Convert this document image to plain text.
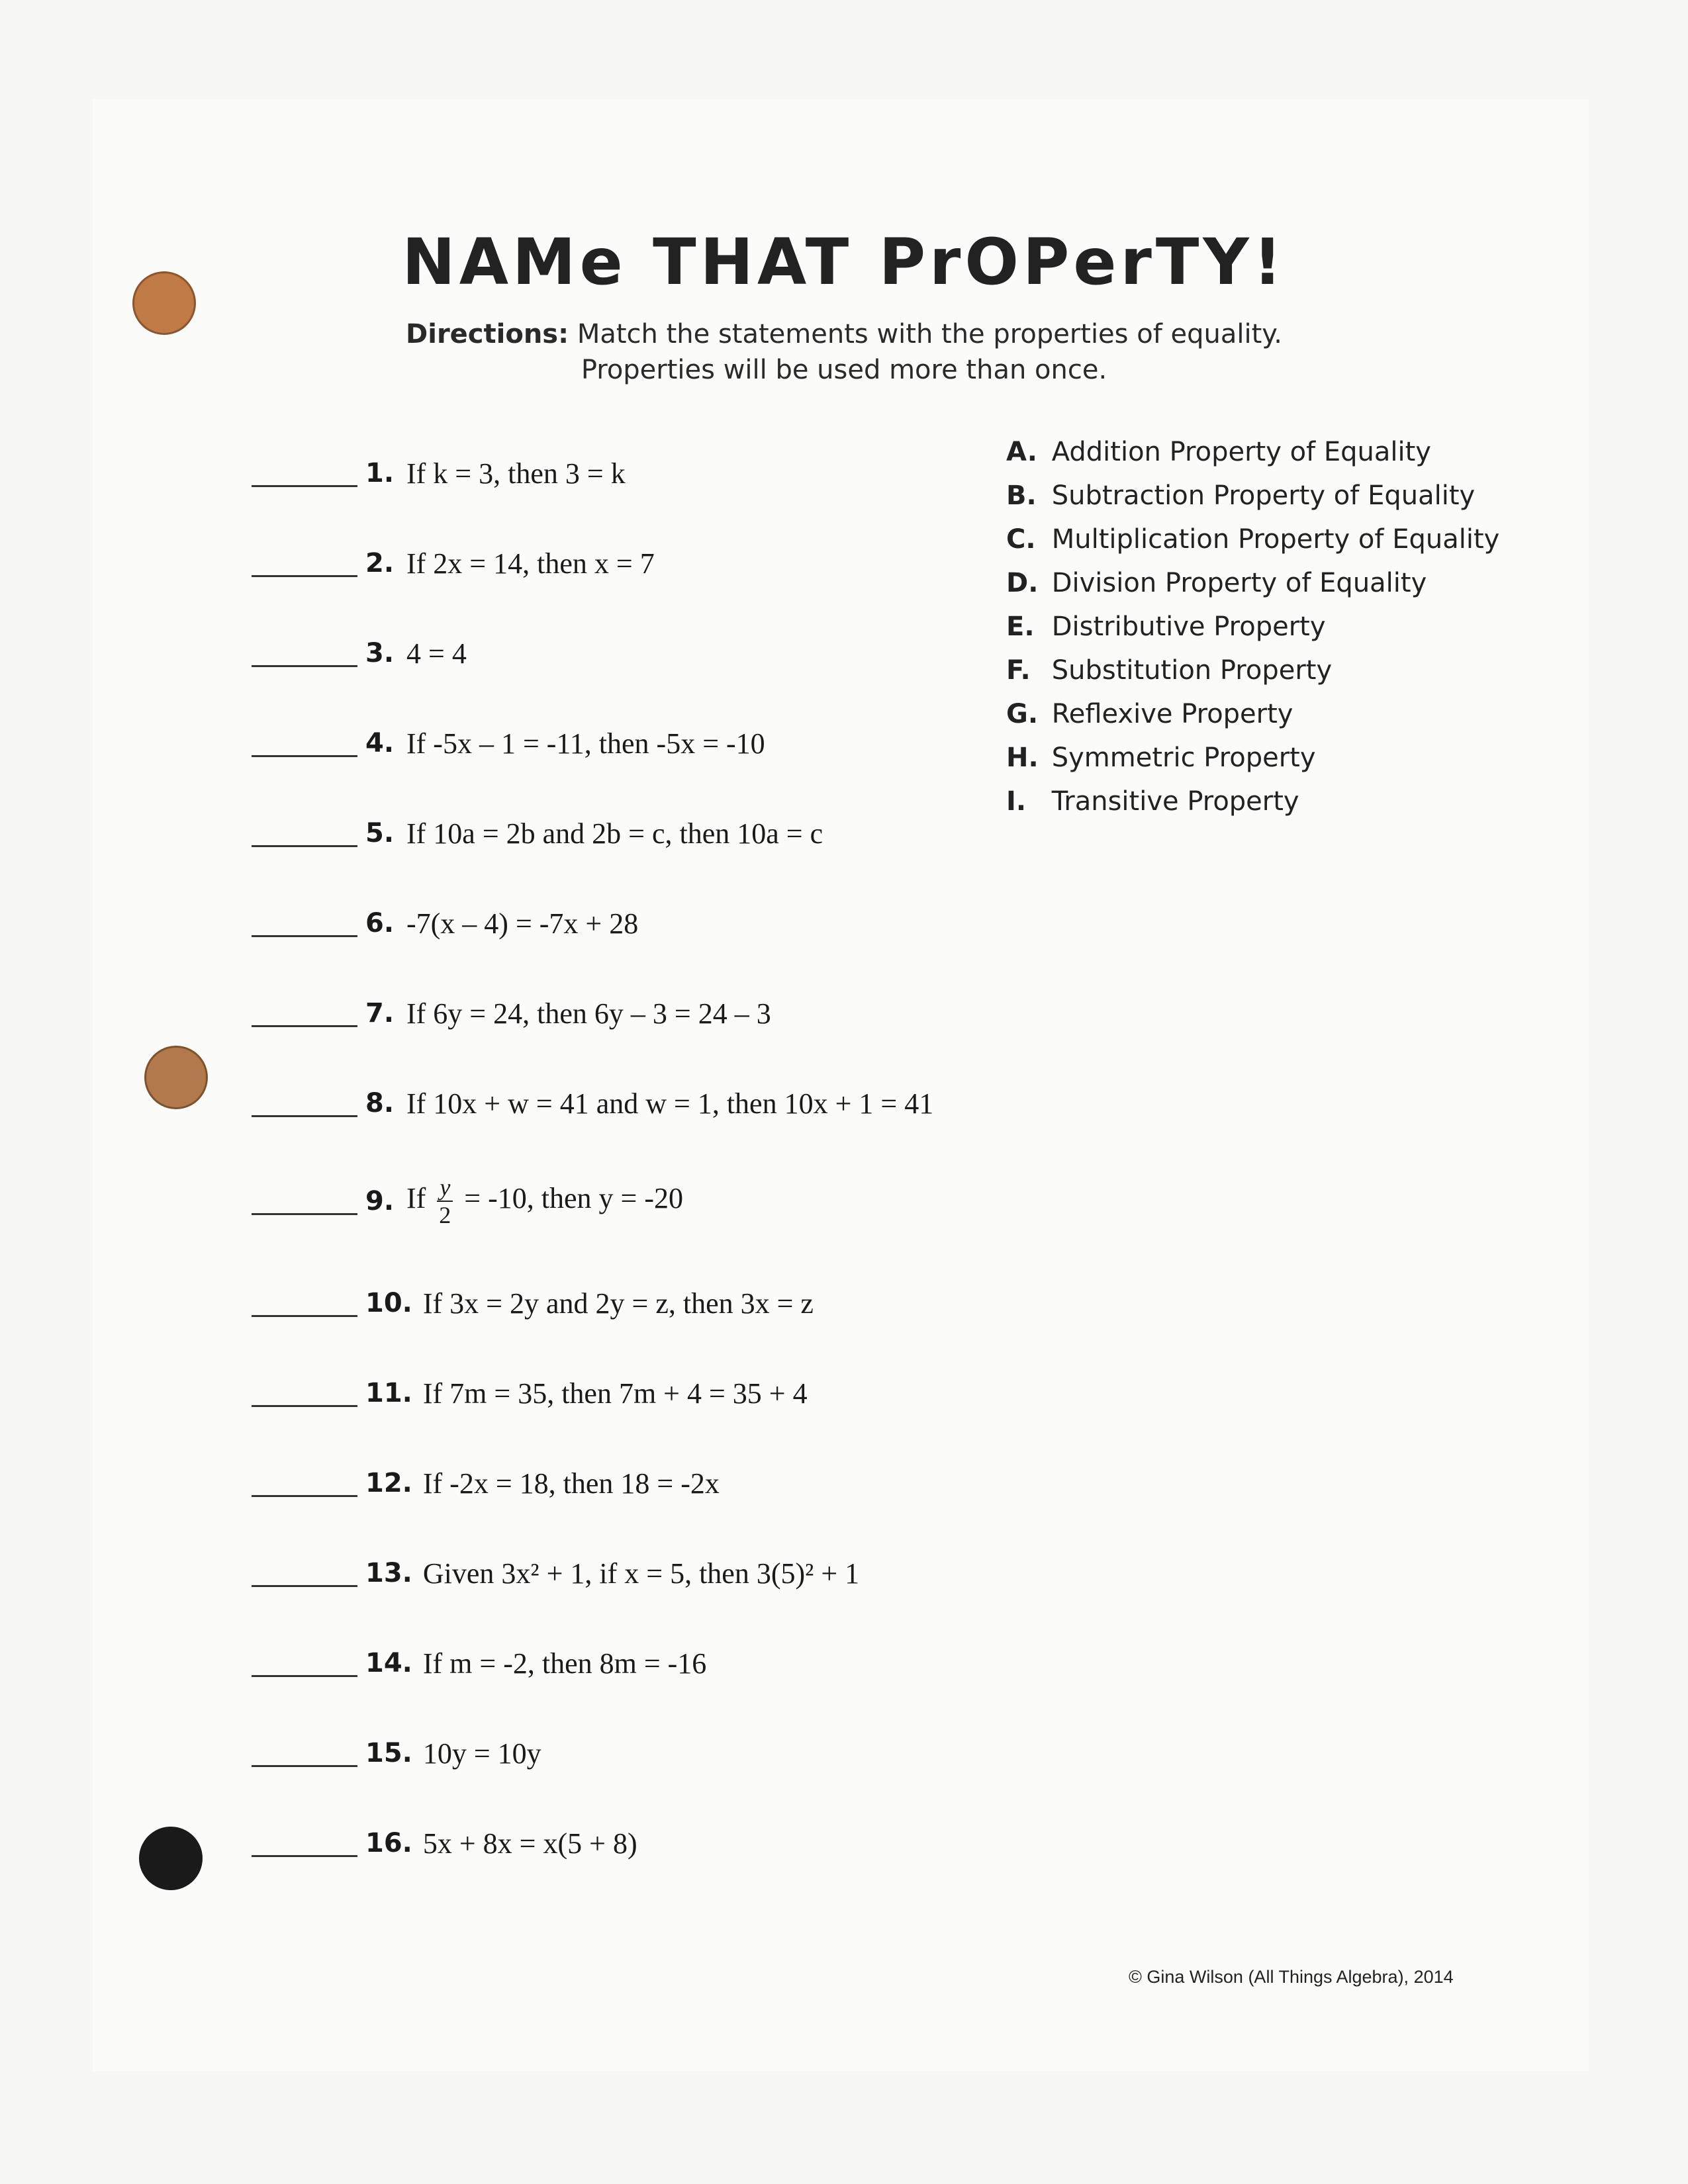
NAMe THAT PrOPerTY!
Directions: Match the statements with the properties of equality.
Properties will be used more than once.
1. If k = 3, then 3 = k
2. If 2x = 14, then x = 7
3. 4 = 4
4. If -5x – 1 = -11, then -5x = -10
5. If 10a = 2b and 2b = c, then 10a = c
6. -7(x – 4) = -7x + 28
7. If 6y = 24, then 6y – 3 = 24 – 3
8. If 10x + w = 41 and w = 1, then 10x + 1 = 41
9. If $\frac{y}{2} = -10$, then y = -20
10. If 3x = 2y and 2y = z, then 3x = z
11. If 7m = 35, then 7m + 4 = 35 + 4
12. If -2x = 18, then 18 = -2x
13. Given 3x² + 1, if x = 5, then 3(5)² + 1
14. If m = -2, then 8m = -16
15. 10y = 10y
16. 5x + 8x = x(5 + 8)
A. Addition Property of Equality
B. Subtraction Property of Equality
C. Multiplication Property of Equality
D. Division Property of Equality
E. Distributive Property
F. Substitution Property
G. Reflexive Property
H. Symmetric Property
I. Transitive Property
© Gina Wilson (All Things Algebra), 2014
